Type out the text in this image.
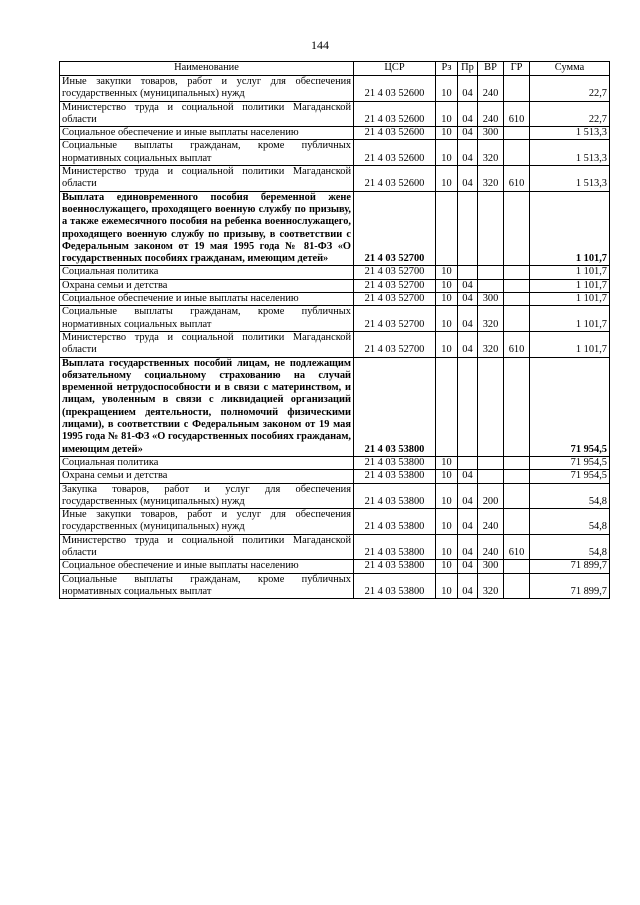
144
Наименование	ЦСР	Рз	Пр	ВР	ГР	Сумма
Иные закупки товаров, работ и услуг для обеспечения государственных (муниципальных) нужд	21 4 03 52600	10	04	240		22,7
Министерство труда и социальной политики Магаданской области	21 4 03 52600	10	04	240	610	22,7
Социальное обеспечение и иные выплаты населению	21 4 03 52600	10	04	300		1 513,3
Социальные выплаты гражданам, кроме публичных нормативных социальных выплат	21 4 03 52600	10	04	320		1 513,3
Министерство труда и социальной политики Магаданской области	21 4 03 52600	10	04	320	610	1 513,3
Выплата единовременного пособия беременной жене военнослужащего, проходящего военную службу по призыву, а также ежемесячного пособия на ребенка военнослужащего, проходящего военную службу по призыву, в соответствии с Федеральным законом от 19 мая 1995 года № 81-ФЗ «О государственных пособиях гражданам, имеющим детей»	21 4 03 52700					1 101,7
Социальная политика	21 4 03 52700	10				1 101,7
Охрана семьи и детства	21 4 03 52700	10	04			1 101,7
Социальное обеспечение и иные выплаты населению	21 4 03 52700	10	04	300		1 101,7
Социальные выплаты гражданам, кроме публичных нормативных социальных выплат	21 4 03 52700	10	04	320		1 101,7
Министерство труда и социальной политики Магаданской области	21 4 03 52700	10	04	320	610	1 101,7
Выплата государственных пособий лицам, не подлежащим обязательному социальному страхованию на случай временной нетрудоспособности и в связи с материнством, и лицам, уволенным в связи с ликвидацией организаций (прекращением деятельности, полномочий физическими лицами), в соответствии с Федеральным законом от 19 мая 1995 года № 81-ФЗ «О государственных пособиях гражданам, имеющим детей»	21 4 03 53800					71 954,5
Социальная политика	21 4 03 53800	10				71 954,5
Охрана семьи и детства	21 4 03 53800	10	04			71 954,5
Закупка товаров, работ и услуг для обеспечения государственных (муниципальных) нужд	21 4 03 53800	10	04	200		54,8
Иные закупки товаров, работ и услуг для обеспечения государственных (муниципальных) нужд	21 4 03 53800	10	04	240		54,8
Министерство труда и социальной политики Магаданской области	21 4 03 53800	10	04	240	610	54,8
Социальное обеспечение и иные выплаты населению	21 4 03 53800	10	04	300		71 899,7
Социальные выплаты гражданам, кроме публичных нормативных социальных выплат	21 4 03 53800	10	04	320		71 899,7
